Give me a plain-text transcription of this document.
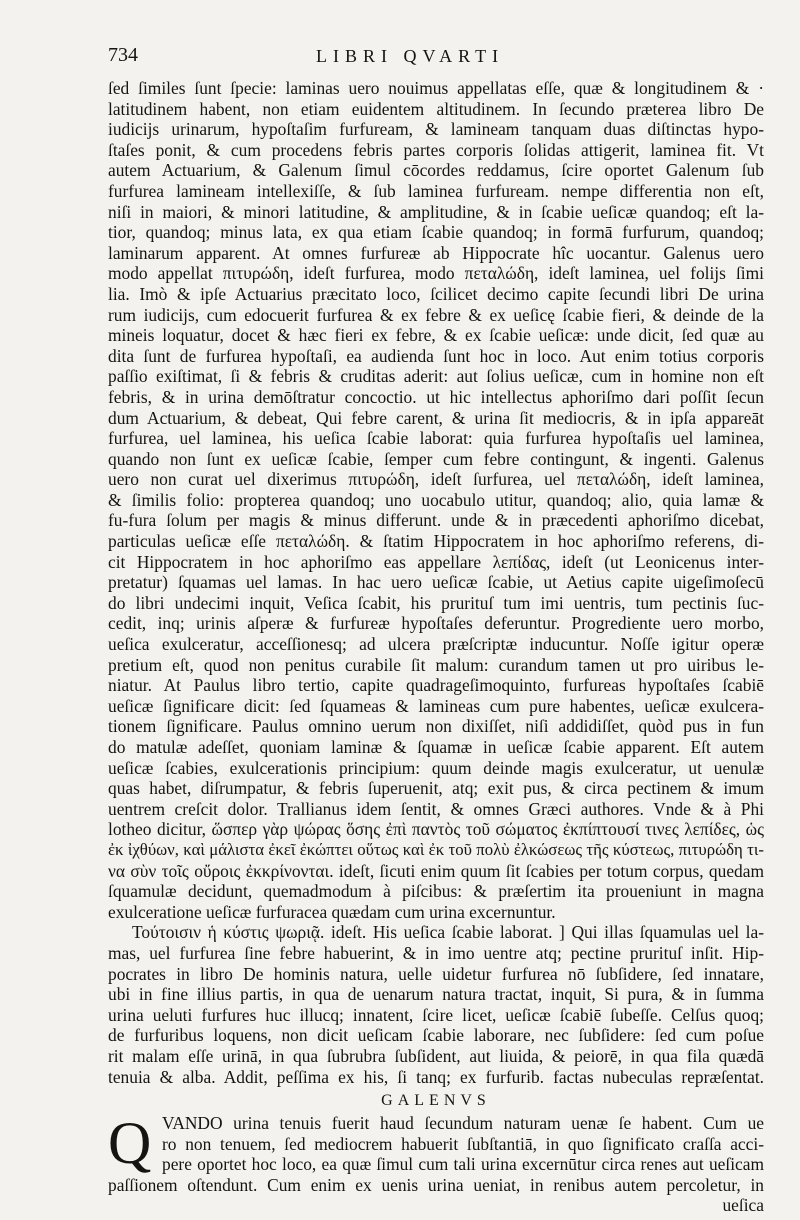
734	LIBRI QVARTI
ſed ſimiles ſunt ſpecie: laminas uero nouimus appellatas eſſe, quæ & longitudinem & ·
latitudinem habent, non etiam euidentem altitudinem. In ſecundo præterea libro De
iudicijs urinarum, hypoſtaſim furfuream, & lamineam tanquam duas diſtinctas hypo-
ſtaſes ponit, & cum procedens febris partes corporis ſolidas attigerit, laminea fit. Vt
autem Actuarium, & Galenum ſimul cōcordes reddamus, ſcire oportet Galenum ſub
furfurea lamineam intellexiſſe, & ſub laminea furfuream. nempe differentia non eſt,
niſi in maiori, & minori latitudine, & amplitudine, & in ſcabie ueſicæ quandoq; eſt la-
tior, quandoq; minus lata, ex qua etiam ſcabie quandoq; in formā furfurum, quandoq;
laminarum apparent. At omnes furfureæ ab Hippocrate hîc uocantur. Galenus uero
modo appellat πιτυρώδη, ideſt furfurea, modo πεταλώδη, ideſt laminea, uel folijs ſimi
lia. Imò & ipſe Actuarius præcitato loco, ſcilicet decimo capite ſecundi libri De urina
rum iudicijs, cum edocuerit furfurea & ex febre & ex ueſicę ſcabie fieri, & deinde de la
mineis loquatur, docet & hæc fieri ex febre, & ex ſcabie ueſicæ: unde dicit, ſed quæ au
dita ſunt de furfurea hypoſtaſi, ea audienda ſunt hoc in loco. Aut enim totius corporis
paſſio exiſtimat, ſi & febris & cruditas aderit: aut ſolius ueſicæ, cum in homine non eſt
febris, & in urina demōſtratur concoctio. ut hic intellectus aphoriſmo dari poſſit ſecun
dum Actuarium, & debeat, Qui febre carent, & urina ſit mediocris, & in ipſa appareāt
furfurea, uel laminea, his ueſica ſcabie laborat: quia furfurea hypoſtaſis uel laminea,
quando non ſunt ex ueſicæ ſcabie, ſemper cum febre contingunt, & ingenti. Galenus
uero non curat uel dixerimus πιτυρώδη, ideſt ſurfurea, uel πεταλώδη, ideſt laminea,
& ſimilis folio: propterea quandoq; uno uocabulo utitur, quandoq; alio, quia lamæ &
fu-fura ſolum per magis & minus differunt. unde & in præcedenti aphoriſmo dicebat,
particulas ueſicæ eſſe πεταλώδη. & ſtatim Hippocratem in hoc aphoriſmo referens, di-
cit Hippocratem in hoc aphoriſmo eas appellare λεπίδας, ideſt (ut Leonicenus inter-
pretatur) ſquamas uel lamas. In hac uero ueſicæ ſcabie, ut Aetius capite uigeſimoſecū
do libri undecimi inquit, Veſica ſcabit, his prurituſ tum imi uentris, tum pectinis ſuc-
cedit, inq; urinis aſperæ & furfureæ hypoſtaſes deferuntur. Progrediente uero morbo,
ueſica exulceratur, acceſſionesq; ad ulcera præſcriptæ inducuntur. Noſſe igitur operæ
pretium eſt, quod non penitus curabile ſit malum: curandum tamen ut pro uiribus le-
niatur. At Paulus libro tertio, capite quadrageſimoquinto, furfureas hypoſtaſes ſcabiē
ueſicæ ſignificare dicit: ſed ſquameas & lamineas cum pure habentes, ueſicæ exulcera-
tionem ſignificare. Paulus omnino uerum non dixiſſet, niſi addidiſſet, quòd pus in fun
do matulæ adeſſet, quoniam laminæ & ſquamæ in ueſicæ ſcabie apparent. Eſt autem
ueſicæ ſcabies, exulcerationis principium: quum deinde magis exulceratur, ut uenulæ
quas habet, diſrumpatur, & febris ſuperuenit, atq; exit pus, & circa pectinem & imum
uentrem creſcit dolor. Trallianus idem ſentit, & omnes Græci authores. Vnde & à Phi
lotheo dicitur, ὥσπερ γὰρ ψώρας ὅσης ἐπὶ παντὸς τοῦ σώματος ἐκπίπτουσί τινες λεπίδες, ὡς
ἐκ ἰχθύων, καὶ μάλιστα ἐκεῖ ἐκώπτει οὕτως καὶ ἐκ τοῦ πολὺ ἐλκώσεως τῆς κύστεως, πιτυρώδη τι-
να σὺν τοῖς οὔροις ἐκκρίνονται. ideſt, ſicuti enim quum ſit ſcabies per totum corpus, quedam
ſquamulæ decidunt, quemadmodum à piſcibus: & præſertim ita proueniunt in magna
exulceratione ueſicæ furfuracea quædam cum urina excernuntur.
Τούτοισιν ἡ κύστις ψωριᾷ. ideſt. His ueſica ſcabie laborat. ] Qui illas ſquamulas uel la-
mas, uel furfurea ſine febre habuerint, & in imo uentre atq; pectine prurituſ inſit. Hip-
pocrates in libro De hominis natura, uelle uidetur furfurea nō ſubſidere, ſed innatare,
ubi in fine illius partis, in qua de uenarum natura tractat, inquit, Si pura, & in ſumma
urina ueluti furfures huc illucq; innatent, ſcire licet, ueſicæ ſcabiē ſubeſſe. Celſus quoq;
de furfuribus loquens, non dicit ueſicam ſcabie laborare, nec ſubſidere: ſed cum poſue
rit malam eſſe urinā, in qua ſubrubra ſubſident, aut liuida, & peiorē, in qua fila quædā
tenuia & alba. Addit, peſſima ex his, ſi tanq; ex furfurib. factas nubeculas repræſentat.
GALENVS
Q VANDO urina tenuis fuerit haud ſecundum naturam uenæ ſe habent. Cum ue
ro non tenuem, ſed mediocrem habuerit ſubſtantiā, in quo ſignificato craſſa acci-
pere oportet hoc loco, ea quæ ſimul cum tali urina excernūtur circa renes aut ueſicam
paſſionem oſtendunt. Cum enim ex uenis urina ueniat, in renibus autem percoletur, in
ueſica
